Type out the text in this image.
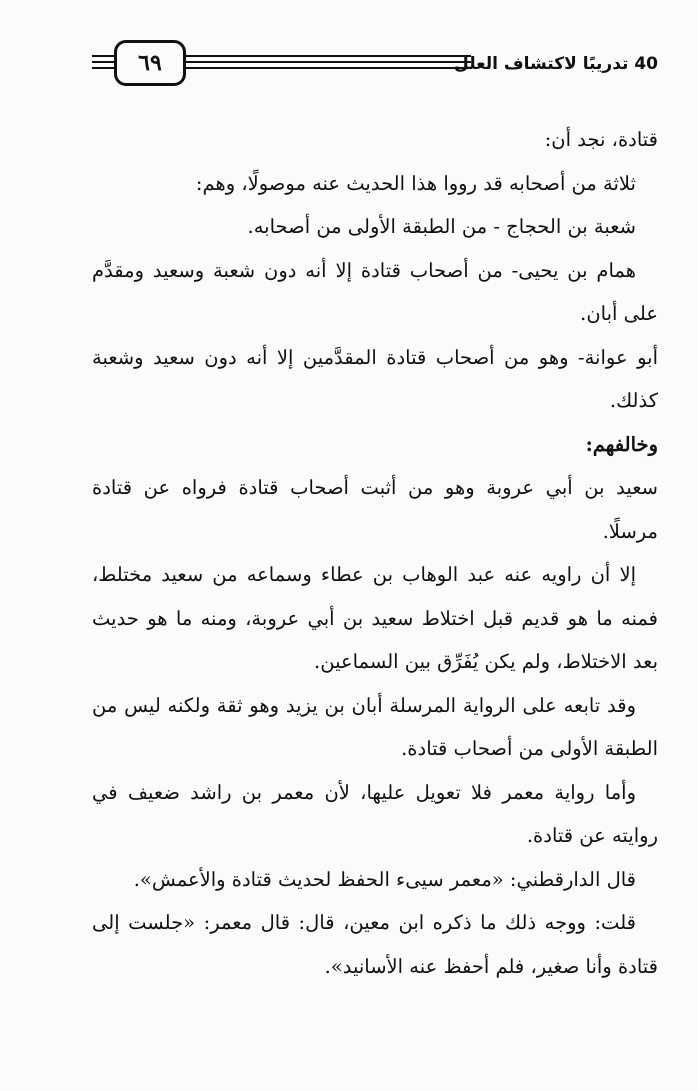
٦٩	40 تدريبًا لاكتشاف العلل

قتادة، نجد أن:

ثلاثة من أصحابه قد رووا هذا الحديث عنه موصولًا، وهم:

شعبة بن الحجاج - من الطبقة الأولى من أصحابه.

همام بن يحيى- من أصحاب قتادة إلا أنه دون شعبة وسعيد ومقدَّم على أبان.

أبو عوانة- وهو من أصحاب قتادة المقدَّمين إلا أنه دون سعيد وشعبة كذلك.

وخالفهم:

سعيد بن أبي عروبة وهو من أثبت أصحاب قتادة فرواه عن قتادة مرسلًا.

إلا أن راويه عنه عبد الوهاب بن عطاء وسماعه من سعيد مختلط، فمنه ما هو قديم قبل اختلاط سعيد بن أبي عروبة، ومنه ما هو حديث بعد الاختلاط، ولم يكن يُفَرِّق بين السماعين.

وقد تابعه على الرواية المرسلة أبان بن يزيد وهو ثقة ولكنه ليس من الطبقة الأولى من أصحاب قتادة.

وأما رواية معمر فلا تعويل عليها، لأن معمر بن راشد ضعيف في روايته عن قتادة.

قال الدارقطني: «معمر سيىء الحفظ لحديث قتادة والأعمش».

قلت: ووجه ذلك ما ذكره ابن معين، قال: قال معمر: «جلست إلى قتادة وأنا صغير، فلم أحفظ عنه الأسانيد».
